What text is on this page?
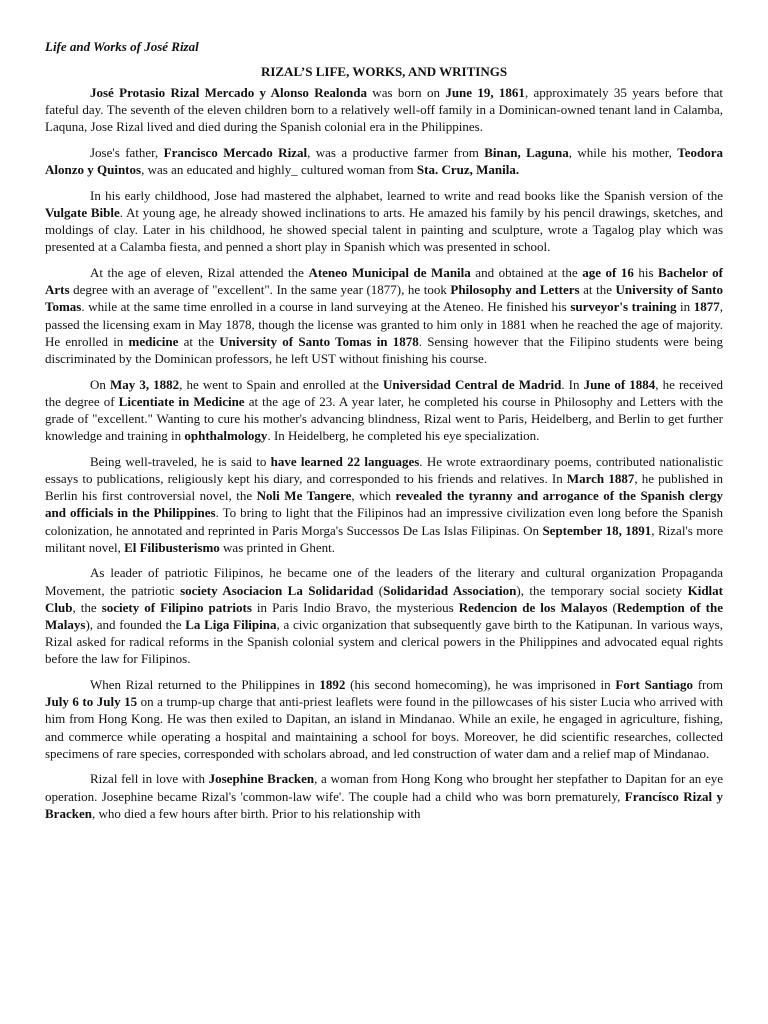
Life and Works of José Rizal
RIZAL’S LIFE, WORKS, AND WRITINGS

José Protasio Rizal Mercado y Alonso Realonda was born on June 19, 1861, approximately 35 years before that fateful day. The seventh of the eleven children born to a relatively well-off family in a Dominican-owned tenant land in Calamba, Laquna, Jose Rizal lived and died during the Spanish colonial era in the Philippines.

Jose's father, Francisco Mercado Rizal, was a productive farmer from Binan, Laguna, while his mother, Teodora Alonzo y Quintos, was an educated and highly_ cultured woman from Sta. Cruz, Manila.

In his early childhood, Jose had mastered the alphabet, learned to write and read books like the Spanish version of the Vulgate Bible. At young age, he already showed inclinations to arts. He amazed his family by his pencil drawings, sketches, and moldings of clay. Later in his childhood, he showed special talent in painting and sculpture, wrote a Tagalog play which was presented at a Calamba fiesta, and penned a short play in Spanish which was presented in school.

At the age of eleven, Rizal attended the Ateneo Municipal de Manila and obtained at the age of 16 his Bachelor of Arts degree with an average of "excellent". In the same year (1877), he took Philosophy and Letters at the University of Santo Tomas. while at the same time enrolled in a course in land surveying at the Ateneo. He finished his surveyor's training in 1877, passed the licensing exam in May 1878, though the license was granted to him only in 1881 when he reached the age of majority. He enrolled in medicine at the University of Santo Tomas in 1878. Sensing however that the Filipino students were being discriminated by the Dominican professors, he left UST without finishing his course.

On May 3, 1882, he went to Spain and enrolled at the Universidad Central de Madrid. In June of 1884, he received the degree of Licentiate in Medicine at the age of 23. A year later, he completed his course in Philosophy and Letters with the grade of "excellent." Wanting to cure his mother's advancing blindness, Rizal went to Paris, Heidelberg, and Berlin to get further knowledge and training in ophthalmology. In Heidelberg, he completed his eye specialization.

Being well-traveled, he is said to have learned 22 languages. He wrote extraordinary poems, contributed nationalistic essays to publications, religiously kept his diary, and corresponded to his friends and relatives. In March 1887, he published in Berlin his first controversial novel, the Noli Me Tangere, which revealed the tyranny and arrogance of the Spanish clergy and officials in the Philippines. To bring to light that the Filipinos had an impressive civilization even long before the Spanish colonization, he annotated and reprinted in Paris Morga's Successos De Las Islas Filipinas. On September 18, 1891, Rizal's more militant novel, El Filibusterismo was printed in Ghent.

As leader of patriotic Filipinos, he became one of the leaders of the literary and cultural organization Propaganda Movement, the patriotic society Asociacion La Solidaridad (Solidaridad Association), the temporary social society Kidlat Club, the society of Filipino patriots in Paris Indio Bravo, the mysterious Redencion de los Malayos (Redemption of the Malays), and founded the La Liga Filipina, a civic organization that subsequently gave birth to the Katipunan. In various ways, Rizal asked for radical reforms in the Spanish colonial system and clerical powers in the Philippines and advocated equal rights before the law for Filipinos.

When Rizal returned to the Philippines in 1892 (his second homecoming), he was imprisoned in Fort Santiago from July 6 to July 15 on a trump-up charge that anti-priest leaflets were found in the pillowcases of his sister Lucia who arrived with him from Hong Kong. He was then exiled to Dapitan, an island in Mindanao. While an exile, he engaged in agriculture, fishing, and commerce while operating a hospital and maintaining a school for boys. Moreover, he did scientific researches, collected specimens of rare species, corresponded with scholars abroad, and led construction of water dam and a relief map of Mindanao.

Rizal fell in love with Josephine Bracken, a woman from Hong Kong who brought her stepfather to Dapitan for an eye operation. Josephine became Rizal's 'common-law wife'. The couple had a child who was born prematurely, Francísco Rizal y Bracken, who died a few hours after birth. Prior to his relationship with
